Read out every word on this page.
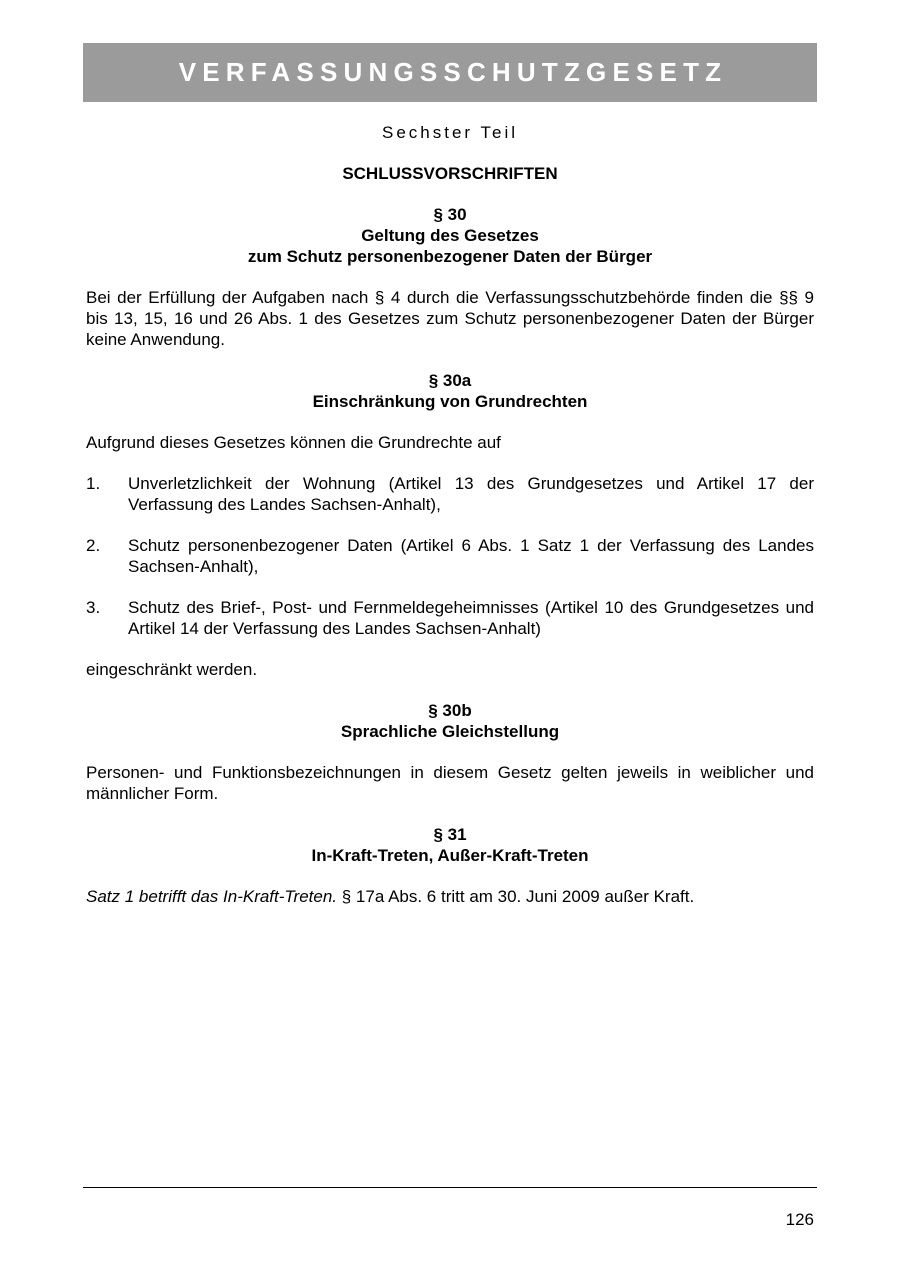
VERFASSUNGSSCHUTZGESETZ
Sechster Teil
SCHLUSSVORSCHRIFTEN
§ 30
Geltung des Gesetzes
zum Schutz personenbezogener Daten der Bürger
Bei der Erfüllung der Aufgaben nach § 4 durch die Verfassungsschutzbehörde finden die §§ 9 bis 13, 15, 16 und 26 Abs. 1 des Gesetzes zum Schutz personenbezogener Daten der Bürger keine Anwendung.
§ 30a
Einschränkung von Grundrechten
Aufgrund dieses Gesetzes können die Grundrechte auf
1.	Unverletzlichkeit der Wohnung (Artikel 13 des Grundgesetzes und Artikel 17 der Verfassung des Landes Sachsen-Anhalt),
2.	Schutz personenbezogener Daten (Artikel 6 Abs. 1 Satz 1 der Verfassung des Landes Sachsen-Anhalt),
3.	Schutz des Brief-, Post- und Fernmeldegeheimnisses (Artikel 10 des Grundgesetzes und Artikel 14 der Verfassung des Landes Sachsen-Anhalt)
eingeschränkt werden.
§ 30b
Sprachliche Gleichstellung
Personen- und Funktionsbezeichnungen in diesem Gesetz gelten jeweils in weiblicher und männlicher Form.
§ 31
In-Kraft-Treten, Außer-Kraft-Treten
Satz 1 betrifft das In-Kraft-Treten. § 17a Abs. 6 tritt am 30. Juni 2009 außer Kraft.
126
